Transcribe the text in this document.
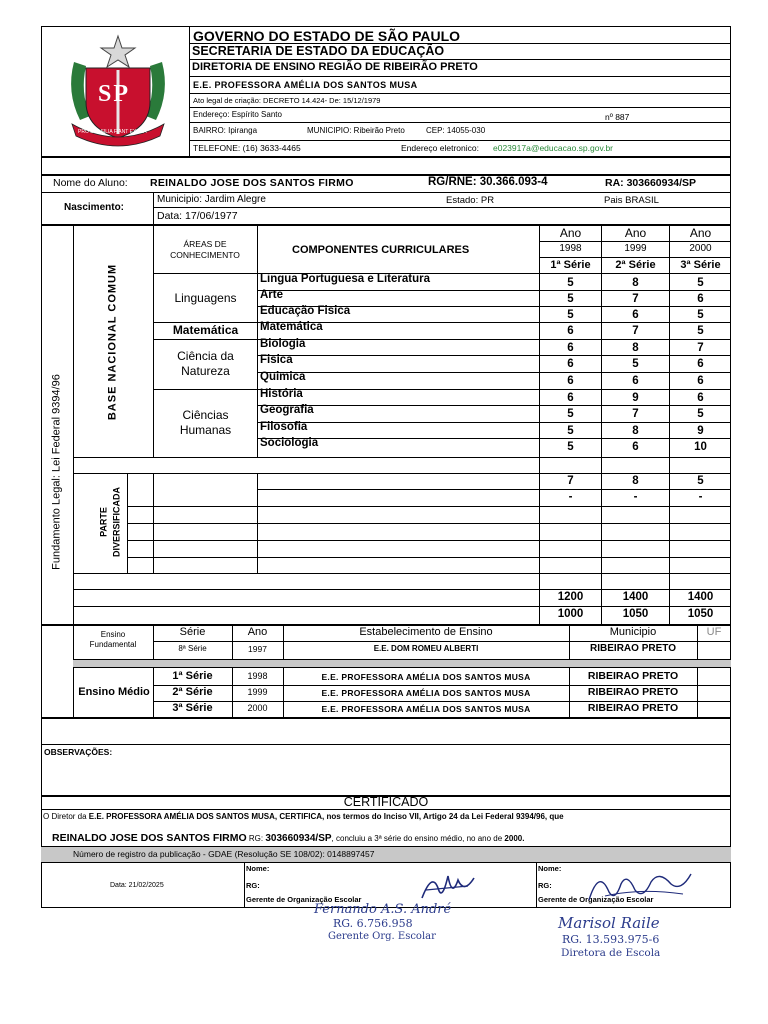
SP
PRO BRASILIA FIANT EXIMIA
GOVERNO DO ESTADO DE SÃO PAULO
SECRETARIA DE ESTADO DA EDUCAÇÃO
DIRETORIA DE ENSINO REGIÃO DE RIBEIRÃO PRETO
E.E. PROFESSORA AMÉLIA DOS SANTOS MUSA
Ato legal de criação: DECRETO 14.424- De: 15/12/1979
Endereço: Espírito Santo	nº 887
BAIRRO: Ipiranga	MUNICIPIO: Ribeirão Preto	CEP: 14055-030
TELEFONE: (16) 3633-4465	Endereço eletronico: e023917a@educacao.sp.gov.br
Nome do Aluno: REINALDO JOSE DOS SANTOS FIRMO	RG/RNE: 30.366.093-4	RA: 303660934/SP
Nascimento:
Municipio: Jardim Alegre	Estado: PR	Pais BRASIL
Data: 17/06/1977
Fundamento Legal: Lei Federal 9394/96
BASE NACIONAL COMUM
PARTE DIVERSIFICADA
ÁREAS DE
CONHECIMENTO	COMPONENTES CURRICULARES
Ano
1998
1ª Série
Ano
1999
2ª Série
Ano
2000
3ª Série
Linguagens
Matemática
Ciência da
Natureza
Ciências
Humanas
Lingua Portuguesa e Literatura	5	8	5
Arte	5	7	6
Educação Fisica	5	6	5
Matemática	6	7	5
Biologia	6	8	7
Fisica	6	5	6
Quimica	6	6	6
História	6	9	6
Geografia	5	7	5
Filosofia	5	8	9
Sociologia	5	6	10
7	8	5
-	-	-
1200	1400	1400
1000	1050	1050
Ensino
Fundamental
Série	Ano	Estabelecimento de Ensino	Municipio	UF
8ª Série	1997	E.E. DOM ROMEU ALBERTI	RIBEIRAO PRETO
Ensino Médio
1ª Série	1998	E.E. PROFESSORA AMÉLIA DOS SANTOS MUSA	RIBEIRAO PRETO
2ª Série	1999	E.E. PROFESSORA AMÉLIA DOS SANTOS MUSA	RIBEIRAO PRETO
3ª Série	2000	E.E. PROFESSORA AMÉLIA DOS SANTOS MUSA	RIBEIRAO PRETO
OBSERVAÇÕES:
CERTIFICADO
O Diretor da E.E. PROFESSORA AMÉLIA DOS SANTOS MUSA, CERTIFICA, nos termos do Inciso VII, Artigo 24 da Lei Federal 9394/96, que
REINALDO JOSE DOS SANTOS FIRMO RG: 303660934/SP, concluiu a 3ª série do ensino médio, no ano de 2000.
Número de registro da publicação - GDAE (Resolução SE 108/02): 0148897457
Data: 21/02/2025
Nome:
RG:
Gerente de Organização Escolar
Nome:
RG:
Gerente de Organização Escolar
Fernando A.S. André
RG. 6.756.958
Gerente Org. Escolar
Marisol Raile
RG. 13.593.975-6
Diretora de Escola
